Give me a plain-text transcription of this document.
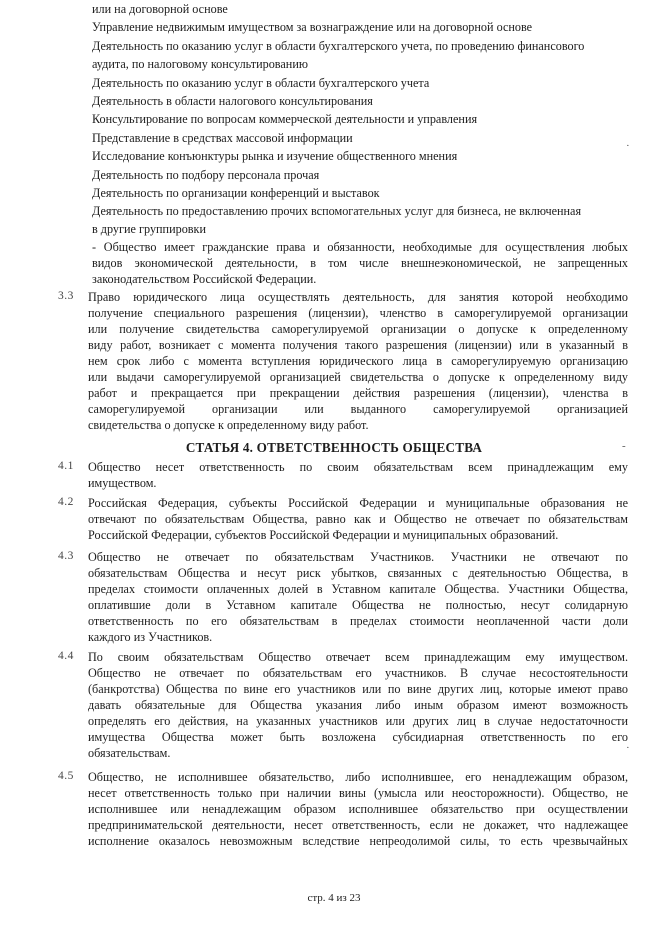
или на договорной основе
Управление недвижимым имуществом за вознаграждение или на договорной основе
Деятельность по оказанию услуг в области бухгалтерского учета, по проведению финансового
аудита, по налоговому консультированию
Деятельность по оказанию услуг в области бухгалтерского учета
Деятельность в области налогового консультирования
Консультирование по вопросам коммерческой деятельности и управления
Представление в средствах массовой информации
Исследование конъюнктуры рынка и изучение общественного мнения
Деятельность по подбору персонала прочая
Деятельность по организации конференций и выставок
Деятельность по предоставлению прочих вспомогательных услуг для бизнеса, не включенная
в другие группировки
- Общество имеет гражданские права и обязанности, необходимые для осуществления любых
видов экономической деятельности, в том числе внешнеэкономической, не запрещенных
законодательством Российской Федерации.
3.3 Право юридического лица осуществлять деятельность, для занятия которой необходимо
получение специального разрешения (лицензии), членство в саморегулируемой организации
или получение свидетельства саморегулируемой организации о допуске к определенному
виду работ, возникает с момента получения такого разрешения (лицензии) или в указанный в
нем срок либо с момента вступления юридического лица в саморегулируемую организацию
или выдачи саморегулируемой организацией свидетельства о допуске к определенному виду
работ и прекращается при прекращении действия разрешения (лицензии), членства в
саморегулируемой организации или выданного саморегулируемой организацией
свидетельства о допуске к определенному виду работ.
СТАТЬЯ 4. ОТВЕТСТВЕННОСТЬ ОБЩЕСТВА
4.1 Общество несет ответственность по своим обязательствам всем принадлежащим ему
имуществом.
4.2 Российская Федерация, субъекты Российской Федерации и муниципальные образования не
отвечают по обязательствам Общества, равно как и Общество не отвечает по обязательствам
Российской Федерации, субъектов Российской Федерации и муниципальных образований.
4.3 Общество не отвечает по обязательствам Участников. Участники не отвечают по
обязательствам Общества и несут риск убытков, связанных с деятельностью Общества, в
пределах стоимости оплаченных долей в Уставном капитале Общества. Участники Общества,
оплатившие доли в Уставном капитале Общества не полностью, несут солидарную
ответственность по его обязательствам в пределах стоимости неоплаченной части доли
каждого из Участников.
4.4 По своим обязательствам Общество отвечает всем принадлежащим ему имуществом.
Общество не отвечает по обязательствам его участников. В случае несостоятельности
(банкротства) Общества по вине его участников или по вине других лиц, которые имеют право
давать обязательные для Общества указания либо иным образом имеют возможность
определять его действия, на указанных участников или других лиц в случае недостаточности
имущества Общества может быть возложена субсидиарная ответственность по его
обязательствам.
4.5 Общество, не исполнившее обязательство, либо исполнившее, его ненадлежащим образом,
несет ответственность только при наличии вины (умысла или неосторожности). Общество, не
исполнившее или ненадлежащим образом исполнившее обязательство при осуществлении
предпринимательской деятельности, несет ответственность, если не докажет, что надлежащее
исполнение оказалось невозможным вследствие непреодолимой силы, то есть чрезвычайных
стр. 4 из 23
·
-
·
